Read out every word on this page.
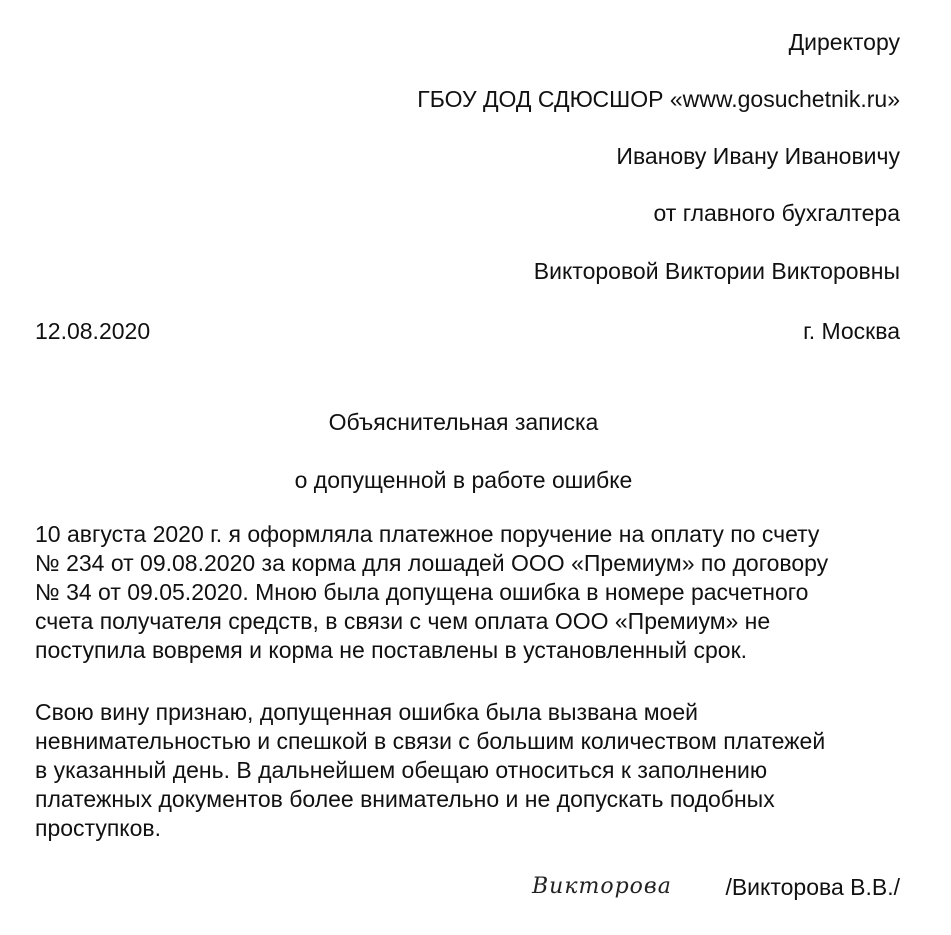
Директору
ГБОУ ДОД СДЮСШОР «www.gosuchetnik.ru»
Иванову Ивану Ивановичу
от главного бухгалтера
Викторовой Виктории Викторовны
12.08.2020	г. Москва
Объяснительная записка
о допущенной в работе ошибке
10 августа 2020 г. я оформляла платежное поручение на оплату по счету
№ 234 от 09.08.2020 за корма для лошадей ООО «Премиум» по договору
№ 34 от 09.05.2020. Мною была допущена ошибка в номере расчетного
счета получателя средств, в связи с чем оплата ООО «Премиум» не
поступила вовремя и корма не поставлены в установленный срок.
Свою вину признаю, допущенная ошибка была вызвана моей
невнимательностью и спешкой в связи с большим количеством платежей
в указанный день. В дальнейшем обещаю относиться к заполнению
платежных документов более внимательно и не допускать подобных
проступков.
Викторова /Викторова В.В./
